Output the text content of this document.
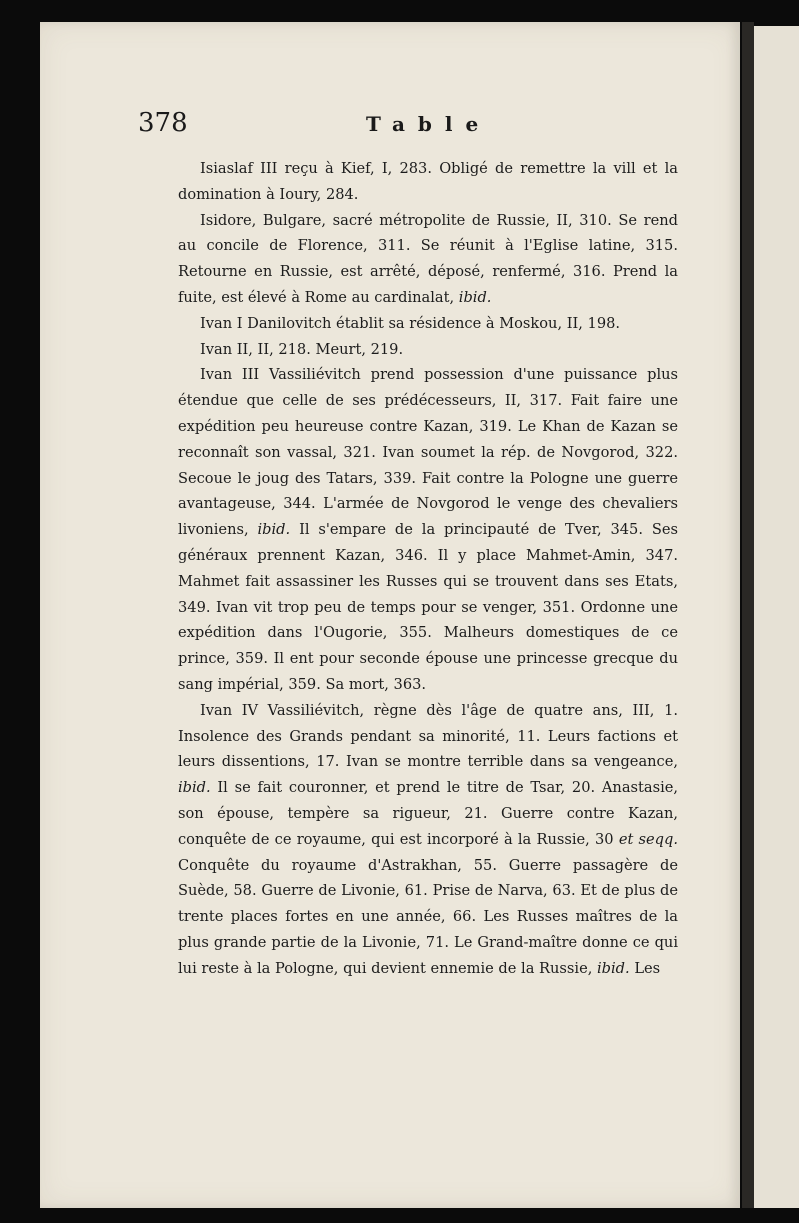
378	Table

Isiaslaf III reçu à Kief, I, 283. Obligé de remettre la vill et la domination à Ioury, 284.

Isidore, Bulgare, sacré métropolite de Russie, II, 310. Se rend au concile de Florence, 311. Se réunit à l'Eglise latine, 315. Retourne en Russie, est arrêté, déposé, renfermé, 316. Prend la fuite, est élevé à Rome au cardinalat, ibid.

Ivan I Danilovitch établit sa résidence à Moskou, II, 198.

Ivan II, II, 218. Meurt, 219.

Ivan III Vassiliévitch prend possession d'une puissance plus étendue que celle de ses prédécesseurs, II, 317. Fait faire une expédition peu heureuse contre Kazan, 319. Le Khan de Kazan se reconnaît son vassal, 321. Ivan soumet la rép. de Novgorod, 322. Secoue le joug des Tatars, 339. Fait contre la Pologne une guerre avantageuse, 344. L'armée de Novgorod le venge des chevaliers livoniens, ibid. Il s'empare de la principauté de Tver, 345. Ses généraux prennent Kazan, 346. Il y place Mahmet-Amin, 347. Mahmet fait assassiner les Russes qui se trouvent dans ses Etats, 349. Ivan vit trop peu de temps pour se venger, 351. Ordonne une expédition dans l'Ougorie, 355. Malheurs domestiques de ce prince, 359. Il ent pour seconde épouse une princesse grecque du sang impérial, 359. Sa mort, 363.

Ivan IV Vassiliévitch, règne dès l'âge de quatre ans, III, 1. Insolence des Grands pendant sa minorité, 11. Leurs factions et leurs dissentions, 17. Ivan se montre terrible dans sa vengeance, ibid. Il se fait couronner, et prend le titre de Tsar, 20. Anastasie, son épouse, tempère sa rigueur, 21. Guerre contre Kazan, conquête de ce royaume, qui est incorporé à la Russie, 30 et seqq. Conquête du royaume d'Astrakhan, 55. Guerre passagère de Suède, 58. Guerre de Livonie, 61. Prise de Narva, 63. Et de plus de trente places fortes en une année, 66. Les Russes maîtres de la plus grande partie de la Livonie, 71. Le Grand-maître donne ce qui lui reste à la Pologne, qui devient ennemie de la Russie, ibid. Les
